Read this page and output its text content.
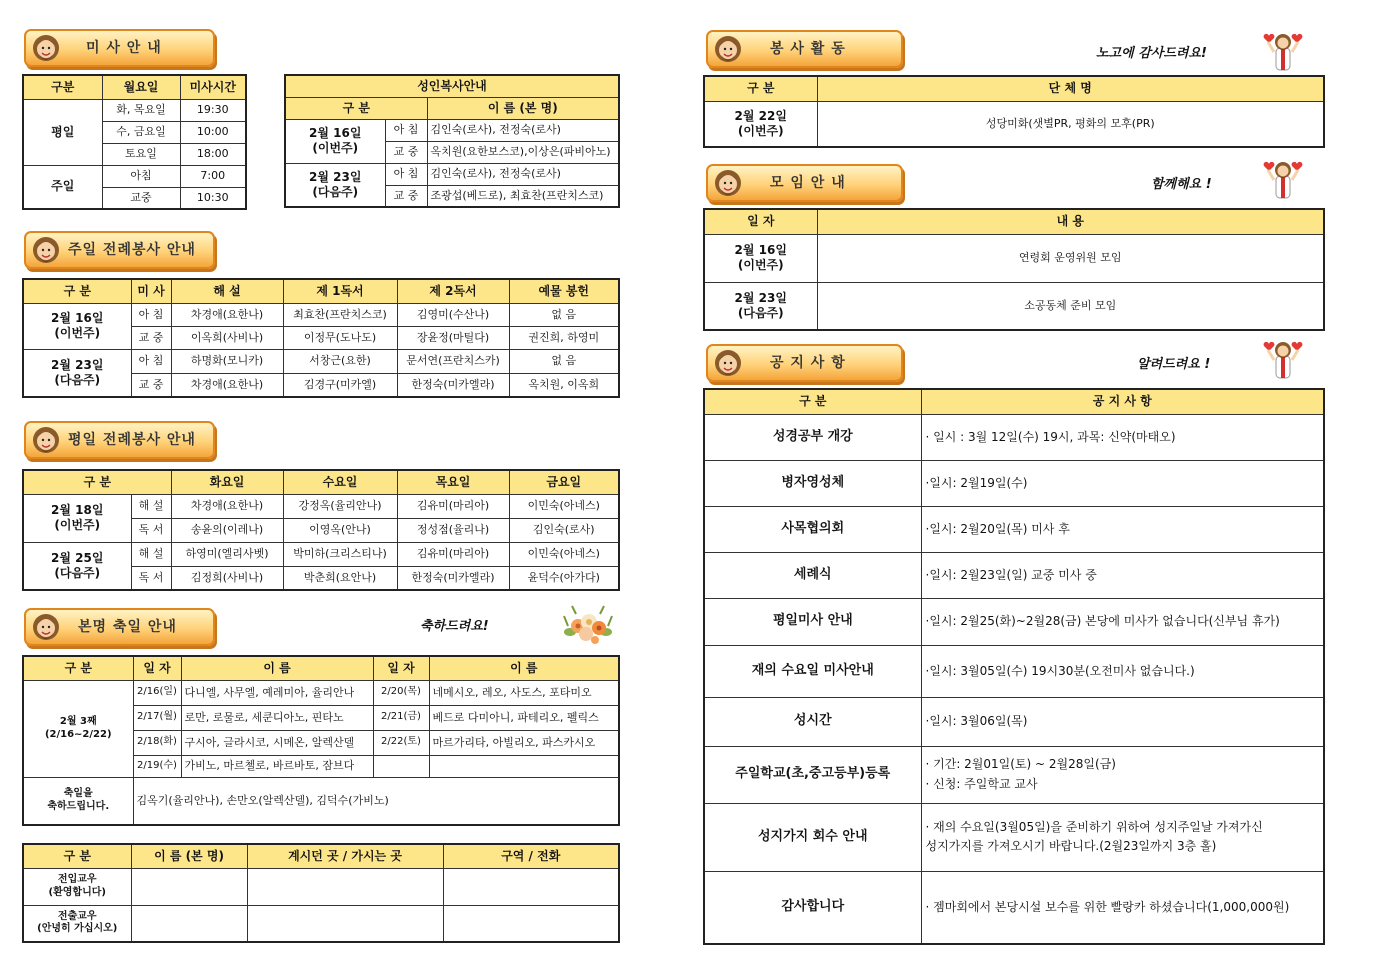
미 사 안 내
구분	월요일	미사시간
평일	화, 목요일	19:30
	수, 금요일	10:00
	토요일	18:00
주일	아침	7:00
	교중	10:30
성인복사안내		
구 분		이 름 (본 명)
2월 16일
(이번주)	아 침	김인숙(로사), 전정숙(로사)
	교 중	옥치원(요한보스코),이상은(파비아노)
2월 23일
(다음주)	아 침	김인숙(로사), 전정숙(로사)
	교 중	조광섭(베드로), 최효찬(프란치스코)
주일 전례봉사 안내
구 분	미 사	해 설	제 1독서	제 2독서	예물 봉헌
2월 16일
(이번주)	아 침	차경애(요한나)	최효찬(프란치스코)	김영미(수산나)	없 음
	교 중	이옥희(사비나)	이정무(도나도)	장윤정(마틸다)	권진희, 하영미
2월 23일
(다음주)	아 침	하명화(모니카)	서창근(요한)	문서연(프란치스카)	없 음
	교 중	차경애(요한나)	김경구(미카엘)	한정숙(미카엘라)	옥치원, 이옥희
평일 전례봉사 안내
구 분		화요일	수요일	목요일	금요일
2월 18일
(이번주)	해 설	차경애(요한나)	강정옥(율리안나)	김유미(마리아)	이민숙(아네스)
	독 서	송윤의(이레나)	이영옥(안나)	정성점(율리나)	김인숙(로사)
2월 25일
(다음주)	해 설	하영미(엘리사벳)	박미하(크리스티나)	김유미(마리아)	이민숙(아네스)
	독 서	김정희(사비나)	박춘희(요안나)	한정숙(미카엘라)	윤덕수(아가다)
본명 축일 안내	축하드려요!
구 분	일 자	이 름	일 자	이 름
2월 3째
(2/16~2/22)	2/16(일)	다니엘, 사무엘, 예레미아, 율리안나	2/20(목)	네메시오, 레오, 사도스, 포타미오
	2/17(월)	로만, 로물로, 세쿤디아노, 핀타노	2/21(금)	베드로 다미아니, 파테리오, 펠릭스
	2/18(화)	구시아, 글라시코, 시메온, 알렉산델	2/22(토)	마르가리타, 아빌리오, 파스카시오
	2/19(수)	가비노, 마르첼로, 바르바토, 잠브다		
축일을
축하드립니다.	김옥기(율리안나), 손만오(알렉산델), 김덕수(가비노)			
구 분	이 름 (본 명)	계시던 곳 / 가시는 곳	구역 / 전화
전입교우
(환영합니다)			
전출교우
(안녕히 가십시오)			
봉 사 활 동	노고에 감사드려요!
구 분	단 체 명
2월 22일
(이번주)	성당미화(샛별PR, 평화의 모후(PR)
모 임 안 내	함께해요 !
일 자	내 용
2월 16일
(이번주)	연령회 운영위원 모임
2월 23일
(다음주)	소공동체 준비 모임
공 지 사 항	알려드려요 !
구 분	공 지 사 항
성경공부 개강	· 일시 : 3월 12일(수) 19시, 과목: 신약(마태오)
병자영성체	·일시: 2월19일(수)
사목협의회	·일시: 2월20일(목) 미사 후
세례식	·일시: 2월23일(일) 교중 미사 중
평일미사 안내	·일시: 2월25(화)~2월28(금) 본당에 미사가 없습니다(신부님 휴가)
재의 수요일 미사안내	·일시: 3월05일(수) 19시30분(오전미사 없습니다.)
성시간	·일시: 3월06일(목)
주일학교(초,중고등부)등록	· 기간: 2월01일(토) ~ 2월28일(금)
· 신청: 주일학교 교사
성지가지 회수 안내	· 재의 수요일(3월05일)을 준비하기 위하여 성지주일날 가져가신
성지가지를 가져오시기 바랍니다.(2월23일까지 3층 홀)
감사합니다	· 젬마회에서 본당시설 보수를 위한 빨랑카 하셨습니다(1,000,000원)
